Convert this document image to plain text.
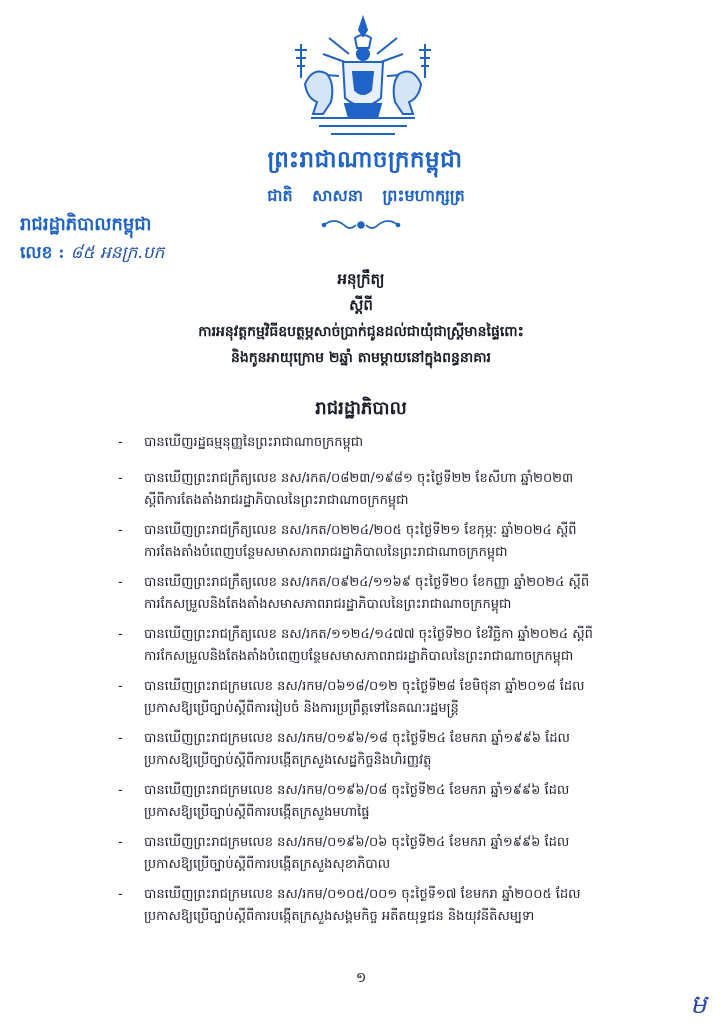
ព្រះរាជាណាចក្រកម្ពុជា
ជាតិ សាសនា ព្រះមហាក្សត្រ
រាជរដ្ឋាភិបាលកម្ពុជា
លេខ : ៨៥ អនក្រ.បក
អនុក្រឹត្យ
ស្តីពី
ការអនុវត្តកម្មវិធីឧបត្ថម្ភសាច់ប្រាក់ជូនដល់ជាយុំជាស្ត្រីមានផ្ទៃពោះ
និងកូនអាយុក្រោម ២ឆ្នាំ តាមម្តាយនៅក្នុងពន្ធនាគារ
រាជរដ្ឋាភិបាល
- បានឃើញរដ្ឋធម្មនុញ្ញនៃព្រះរាជាណាចក្រកម្ពុជា
- បានឃើញព្រះរាជក្រឹត្យលេខ នស/រកត/០៨២៣/១៩៨១ ចុះថ្ងៃទី២២ ខែសីហា ឆ្នាំ២០២៣
ស្តីពីការតែងតាំងរាជរដ្ឋាភិបាលនៃព្រះរាជាណាចក្រកម្ពុជា
- បានឃើញព្រះរាជក្រឹត្យលេខ នស/រកត/០២២៤/២០៥ ចុះថ្ងៃទី២១ ខែកុម្ភៈ ឆ្នាំ២០២៤ ស្តីពី
ការតែងតាំងបំពេញបន្ថែមសមាសភាពរាជរដ្ឋាភិបាលនៃព្រះរាជាណាចក្រកម្ពុជា
- បានឃើញព្រះរាជក្រឹត្យលេខ នស/រកត/០៩២៤/១១៦៩ ចុះថ្ងៃទី២០ ខែកញ្ញា ឆ្នាំ២០២៤ ស្តីពី
ការកែសម្រួលនិងតែងតាំងសមាសភាពរាជរដ្ឋាភិបាលនៃព្រះរាជាណាចក្រកម្ពុជា
- បានឃើញព្រះរាជក្រឹត្យលេខ នស/រកត/១១២៤/១៤៧៧ ចុះថ្ងៃទី២០ ខែវិច្ឆិកា ឆ្នាំ២០២៤ ស្តីពី
ការកែសម្រួលនិងតែងតាំងបំពេញបន្ថែមសមាសភាពរាជរដ្ឋាភិបាលនៃព្រះរាជាណាចក្រកម្ពុជា
- បានឃើញព្រះរាជក្រមលេខ នស/រកម/០៦១៨/០១២ ចុះថ្ងៃទី២៨ ខែមិថុនា ឆ្នាំ២០១៨ ដែល
ប្រកាសឱ្យប្រើច្បាប់ស្តីពីការរៀបចំ និងការប្រព្រឹត្តទៅនៃគណៈរដ្ឋមន្ត្រី
- បានឃើញព្រះរាជក្រមលេខ នស/រកម/០១៩៦/១៨ ចុះថ្ងៃទី២៤ ខែមករា ឆ្នាំ១៩៩៦ ដែល
ប្រកាសឱ្យប្រើច្បាប់ស្តីពីការបង្កើតក្រសួងសេដ្ឋកិច្ចនិងហិរញ្ញវត្ថុ
- បានឃើញព្រះរាជក្រមលេខ នស/រកម/០១៩៦/០៨ ចុះថ្ងៃទី២៤ ខែមករា ឆ្នាំ១៩៩៦ ដែល
ប្រកាសឱ្យប្រើច្បាប់ស្តីពីការបង្កើតក្រសួងមហាផ្ទៃ
- បានឃើញព្រះរាជក្រមលេខ នស/រកម/០១៩៦/០៦ ចុះថ្ងៃទី២៤ ខែមករា ឆ្នាំ១៩៩៦ ដែល
ប្រកាសឱ្យប្រើច្បាប់ស្តីពីការបង្កើតក្រសួងសុខាភិបាល
- បានឃើញព្រះរាជក្រមលេខ នស/រកម/០១០៥/០០១ ចុះថ្ងៃទី១៧ ខែមករា ឆ្នាំ២០០៥ ដែល
ប្រកាសឱ្យប្រើច្បាប់ស្តីពីការបង្កើតក្រសួងសង្គមកិច្ច អតីតយុទ្ធជន និងយុវនីតិសម្បទា
១
ម
